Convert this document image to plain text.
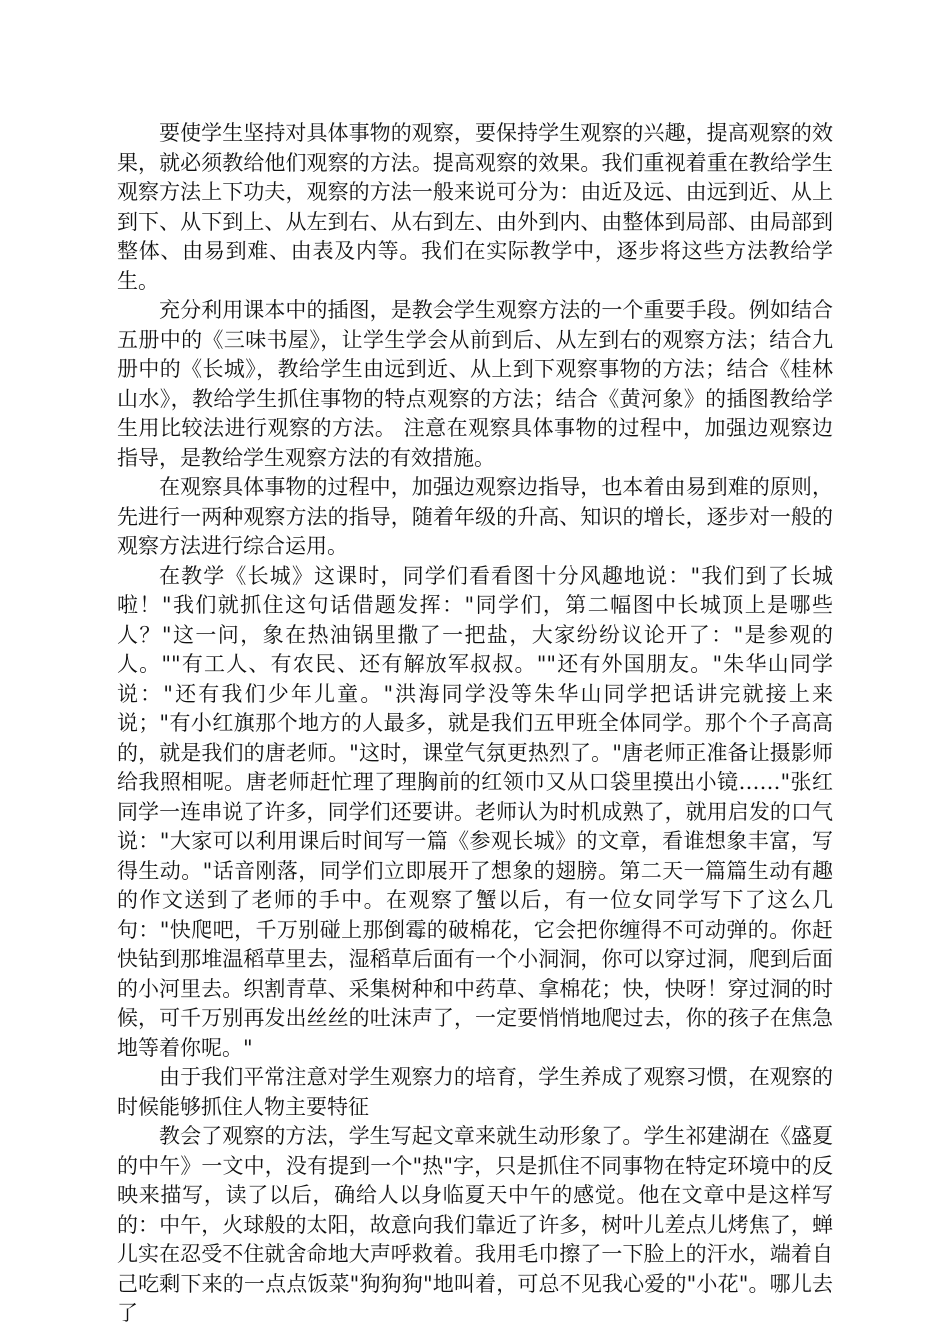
要使学生坚持对具体事物的观察，要保持学生观察的兴趣，提高观察的效果，就必须教给他们观察的方法。提高观察的效果。我们重视着重在教给学生观察方法上下功夫，观察的方法一般来说可分为：由近及远、由远到近、从上到下、从下到上、从左到右、从右到左、由外到内、由整体到局部、由局部到整体、由易到难、由表及内等。我们在实际教学中，逐步将这些方法教给学生。

充分利用课本中的插图，是教会学生观察方法的一个重要手段。例如结合五册中的《三味书屋》，让学生学会从前到后、从左到右的观察方法；结合九册中的《长城》，教给学生由远到近、从上到下观察事物的方法；结合《桂林山水》，教给学生抓住事物的特点观察的方法；结合《黄河象》的插图教给学生用比较法进行观察的方法。 注意在观察具体事物的过程中，加强边观察边指导，是教给学生观察方法的有效措施。

在观察具体事物的过程中，加强边观察边指导，也本着由易到难的原则，先进行一两种观察方法的指导，随着年级的升高、知识的增长，逐步对一般的观察方法进行综合运用。

在教学《长城》这课时，同学们看看图十分风趣地说："我们到了长城啦！"我们就抓住这句话借题发挥："同学们，第二幅图中长城顶上是哪些人？"这一问，象在热油锅里撒了一把盐，大家纷纷议论开了："是参观的人。""有工人、有农民、还有解放军叔叔。""还有外国朋友。"朱华山同学说："还有我们少年儿童。"洪海同学没等朱华山同学把话讲完就接上来说；"有小红旗那个地方的人最多，就是我们五甲班全体同学。那个个子高高的，就是我们的唐老师。"这时，课堂气氛更热烈了。"唐老师正准备让摄影师给我照相呢。唐老师赶忙理了理胸前的红领巾又从口袋里摸出小镜……"张红同学一连串说了许多，同学们还要讲。老师认为时机成熟了，就用启发的口气说："大家可以利用课后时间写一篇《参观长城》的文章，看谁想象丰富，写得生动。"话音刚落，同学们立即展开了想象的翅膀。第二天一篇篇生动有趣的作文送到了老师的手中。在观察了蟹以后，有一位女同学写下了这么几句："快爬吧，千万别碰上那倒霉的破棉花，它会把你缠得不可动弹的。你赶快钻到那堆温稻草里去，湿稻草后面有一个小洞洞，你可以穿过洞，爬到后面的小河里去。织割青草、采集树种和中药草、拿棉花；快，快呀！穿过洞的时候，可千万别再发出丝丝的吐沫声了，一定要悄悄地爬过去，你的孩子在焦急地等着你呢。"

由于我们平常注意对学生观察力的培育，学生养成了观察习惯，在观察的时候能够抓住人物主要特征

教会了观察的方法，学生写起文章来就生动形象了。学生祁建湖在《盛夏的中午》一文中，没有提到一个"热"字，只是抓住不同事物在特定环境中的反映来描写，读了以后，确给人以身临夏天中午的感觉。他在文章中是这样写的：中午，火球般的太阳，故意向我们靠近了许多，树叶儿差点儿烤焦了，蝉儿实在忍受不住就舍命地大声呼救着。我用毛巾擦了一下脸上的汗水，端着自己吃剩下来的一点点饭菜"狗狗狗"地叫着，可总不见我心爱的"小花"。哪儿去了
